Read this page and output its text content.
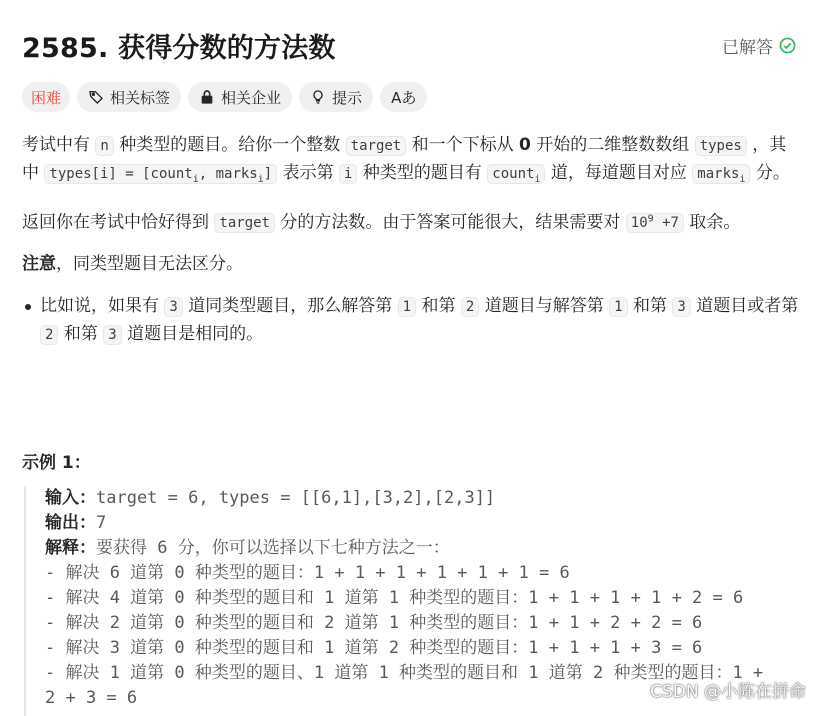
2585. 获得分数的方法数	已解答
困难	相关标签	相关企业	提示 Aあ

考试中有 n 种类型的题目。给你一个整数 target 和一个下标从 0 开始的二维整数数组 types ，其中 types[i] = [count$_i$, marks$_i$] 表示第 i 种类型的题目有 count$_i$ 道，每道题目对应 marks$_i$ 分。

返回你在考试中恰好得到 target 分的方法数。由于答案可能很大，结果需要对 $10^9 +7$ 取余。

注意，同类型题目无法区分。

比如说，如果有 3 道同类型题目，那么解答第 1 和第 2 道题目与解答第 1 和第 3 道题目或者第 2 和第 3 道题目是相同的。

示例 1：
输入：target = 6, types = [[6,1],[3,2],[2,3]]
输出：7
解释：要获得 6 分，你可以选择以下七种方法之一：
- 解决 6 道第 0 种类型的题目：1 + 1 + 1 + 1 + 1 + 1 = 6
- 解决 4 道第 0 种类型的题目和 1 道第 1 种类型的题目：1 + 1 + 1 + 1 + 2 = 6
- 解决 2 道第 0 种类型的题目和 2 道第 1 种类型的题目：1 + 1 + 2 + 2 = 6
- 解决 3 道第 0 种类型的题目和 1 道第 2 种类型的题目：1 + 1 + 1 + 3 = 6
- 解决 1 道第 0 种类型的题目、1 道第 1 种类型的题目和 1 道第 2 种类型的题目：1 +
2 + 3 = 6	CSDN @小陈在拼命
